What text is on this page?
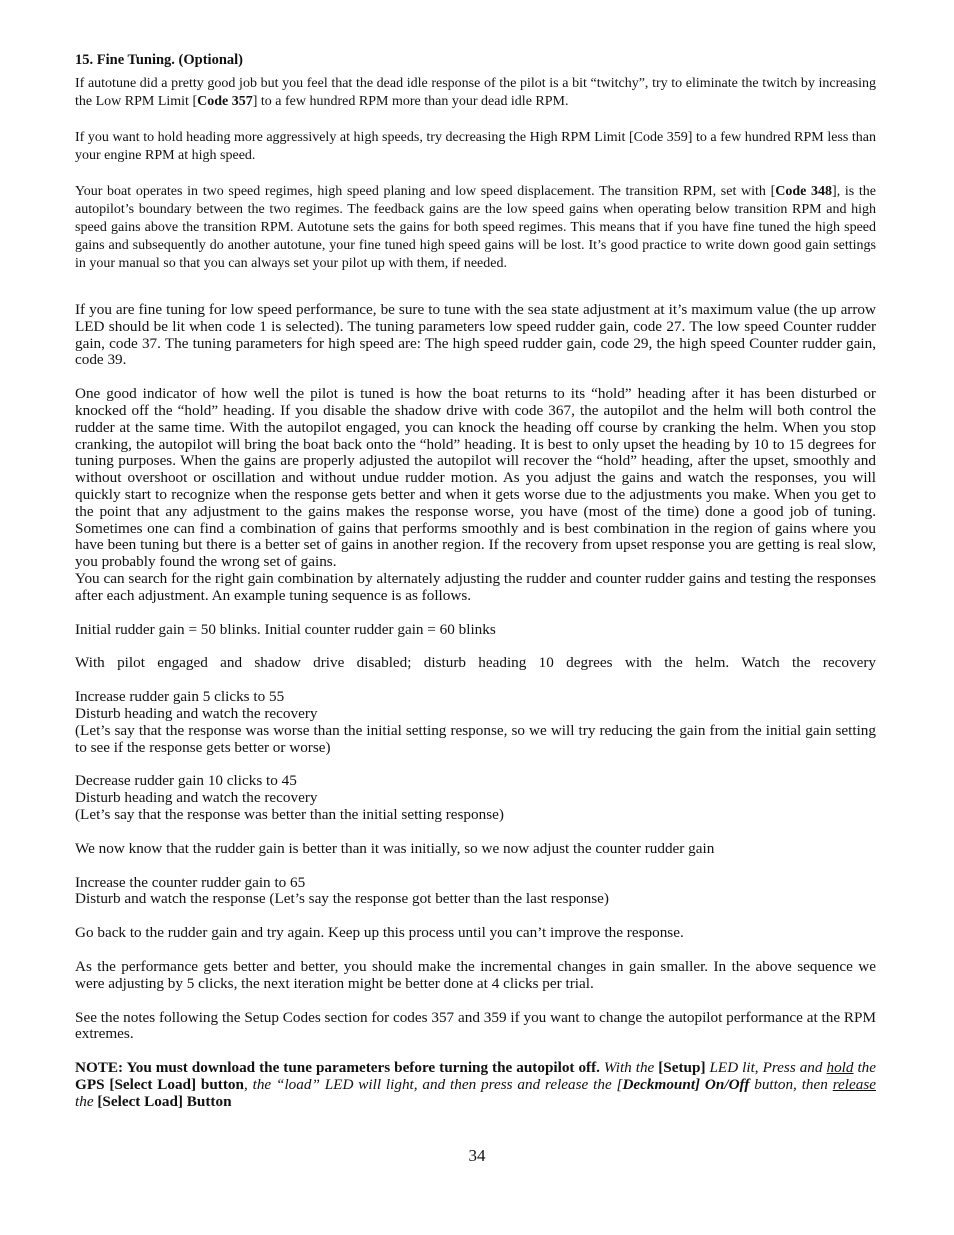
15. Fine Tuning. (Optional)

If autotune did a pretty good job but you feel that the dead idle response of the pilot is a bit “twitchy”, try to eliminate the twitch by increasing the Low RPM Limit [Code 357] to a few hundred RPM more than your dead idle RPM.

If you want to hold heading more aggressively at high speeds, try decreasing the High RPM Limit [Code 359] to a few hundred RPM less than your engine RPM at high speed.

Your boat operates in two speed regimes, high speed planing and low speed displacement. The transition RPM, set with [Code 348], is the autopilot’s boundary between the two regimes. The feedback gains are the low speed gains when operating below transition RPM and high speed gains above the transition RPM. Autotune sets the gains for both speed regimes. This means that if you have fine tuned the high speed gains and subsequently do another autotune, your fine tuned high speed gains will be lost. It’s good practice to write down good gain settings in your manual so that you can always set your pilot up with them, if needed.

If you are fine tuning for low speed performance, be sure to tune with the sea state adjustment at it’s maximum value (the up arrow LED should be lit when code 1 is selected). The tuning parameters low speed rudder gain, code 27. The low speed Counter rudder gain, code 37. The tuning parameters for high speed are: The high speed rudder gain, code 29, the high speed Counter rudder gain, code 39.

One good indicator of how well the pilot is tuned is how the boat returns to its “hold” heading after it has been disturbed or knocked off the “hold” heading. If you disable the shadow drive with code 367, the autopilot and the helm will both control the rudder at the same time. With the autopilot engaged, you can knock the heading off course by cranking the helm. When you stop cranking, the autopilot will bring the boat back onto the “hold” heading. It is best to only upset the heading by 10 to 15 degrees for tuning purposes. When the gains are properly adjusted the autopilot will recover the “hold” heading, after the upset, smoothly and without overshoot or oscillation and without undue rudder motion. As you adjust the gains and watch the responses, you will quickly start to recognize when the response gets better and when it gets worse due to the adjustments you make. When you get to the point that any adjustment to the gains makes the response worse, you have (most of the time) done a good job of tuning. Sometimes one can find a combination of gains that performs smoothly and is best combination in the region of gains where you have been tuning but there is a better set of gains in another region. If the recovery from upset response you are getting is real slow, you probably found the wrong set of gains.

You can search for the right gain combination by alternately adjusting the rudder and counter rudder gains and testing the responses after each adjustment. An example tuning sequence is as follows.

Initial rudder gain = 50 blinks. Initial counter rudder gain = 60 blinks

With pilot engaged and shadow drive disabled; disturb heading 10 degrees with the helm. Watch the recovery

Increase rudder gain 5 clicks to 55
Disturb heading and watch the recovery
(Let’s say that the response was worse than the initial setting response, so we will try reducing the gain from the initial gain setting to see if the response gets better or worse)
Decrease rudder gain 10 clicks to 45
Disturb heading and watch the recovery
(Let’s say that the response was better than the initial setting response)

We now know that the rudder gain is better than it was initially, so we now adjust the counter rudder gain

Increase the counter rudder gain to 65
Disturb and watch the response (Let’s say the response got better than the last response)

Go back to the rudder gain and try again. Keep up this process until you can’t improve the response.

As the performance gets better and better, you should make the incremental changes in gain smaller. In the above sequence we were adjusting by 5 clicks, the next iteration might be better done at 4 clicks per trial.

See the notes following the Setup Codes section for codes 357 and 359 if you want to change the autopilot performance at the RPM extremes.

NOTE: You must download the tune parameters before turning the autopilot off. With the [Setup] LED lit, Press and hold the GPS [Select Load] button, the “load” LED will light, and then press and release the [Deckmount] On/Off button, then release the [Select Load] Button

34
